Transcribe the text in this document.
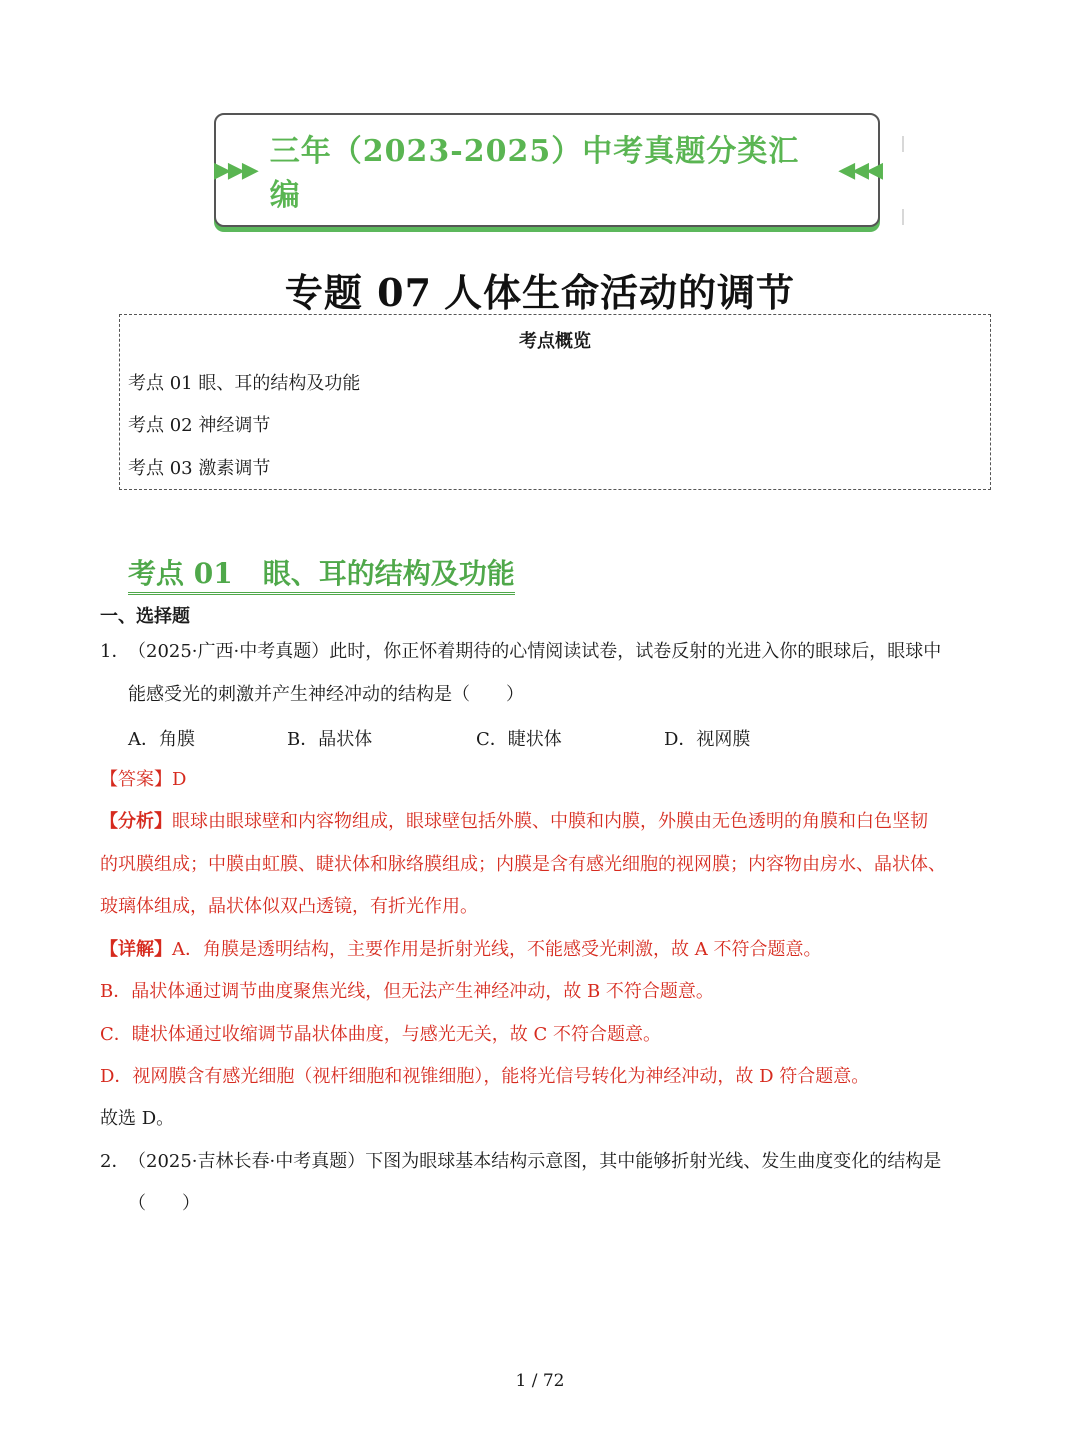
▶▶▶
三年（2023-2025）中考真题分类汇编
◀◀◀
专题 07 人体生命活动的调节
考点概览
考点 01 眼、耳的结构及功能
考点 02 神经调节
考点 03 激素调节
考点 01 眼、耳的结构及功能
一、选择题
1．
（2025·广西·中考真题）此时，你正怀着期待的心情阅读试卷，试卷反射的光进入你的眼球后，眼球中
能感受光的刺激并产生神经冲动的结构是（　　）
A．角膜	B．晶状体	C．睫状体	D．视网膜
【答案】D
【分析】眼球由眼球壁和内容物组成，眼球壁包括外膜、中膜和内膜，外膜由无色透明的角膜和白色坚韧
的巩膜组成；中膜由虹膜、睫状体和脉络膜组成；内膜是含有感光细胞的视网膜；内容物由房水、晶状体、
玻璃体组成，晶状体似双凸透镜，有折光作用。
【详解】A．角膜是透明结构，主要作用是折射光线，不能感受光刺激，故 A 不符合题意。
B．晶状体通过调节曲度聚焦光线，但无法产生神经冲动，故 B 不符合题意。
C．睫状体通过收缩调节晶状体曲度，与感光无关，故 C 不符合题意。
D．视网膜含有感光细胞（视杆细胞和视锥细胞），能将光信号转化为神经冲动，故 D 符合题意。
故选 D。
2．
（2025·吉林长春·中考真题）下图为眼球基本结构示意图，其中能够折射光线、发生曲度变化的结构是
（　　）
1 / 72
